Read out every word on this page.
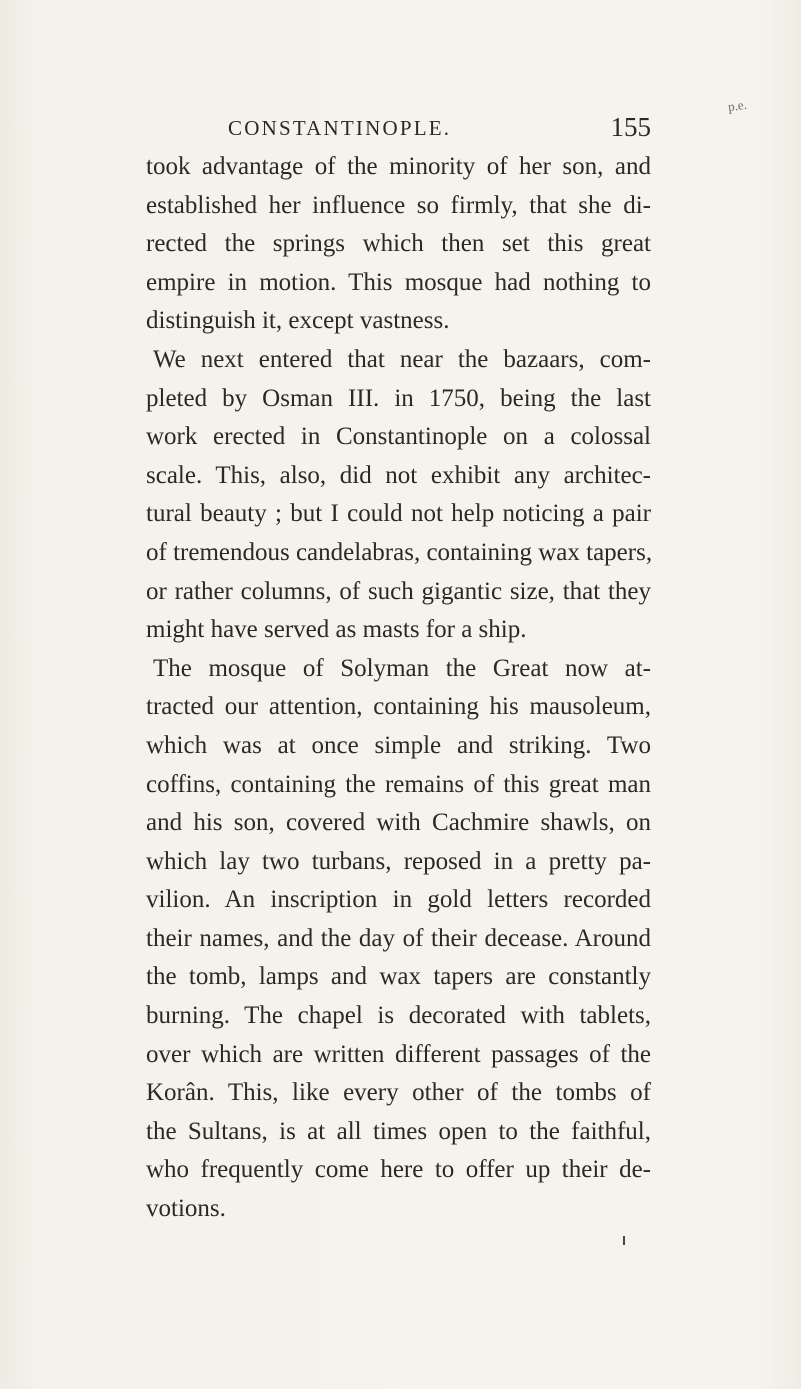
CONSTANTINOPLE.	155
p.e.
took advantage of the minority of her son, and
established her influence so firmly, that she di-
rected the springs which then set this great
empire in motion. This mosque had nothing to
distinguish it, except vastness.
We next entered that near the bazaars, com-
pleted by Osman III. in 1750, being the last
work erected in Constantinople on a colossal
scale. This, also, did not exhibit any architec-
tural beauty ; but I could not help noticing a pair
of tremendous candelabras, containing wax tapers,
or rather columns, of such gigantic size, that they
might have served as masts for a ship.
The mosque of Solyman the Great now at-
tracted our attention, containing his mausoleum,
which was at once simple and striking. Two
coffins, containing the remains of this great man
and his son, covered with Cachmire shawls, on
which lay two turbans, reposed in a pretty pa-
vilion. An inscription in gold letters recorded
their names, and the day of their decease. Around
the tomb, lamps and wax tapers are constantly
burning. The chapel is decorated with tablets,
over which are written different passages of the
Korân. This, like every other of the tombs of
the Sultans, is at all times open to the faithful,
who frequently come here to offer up their de-
votions.
